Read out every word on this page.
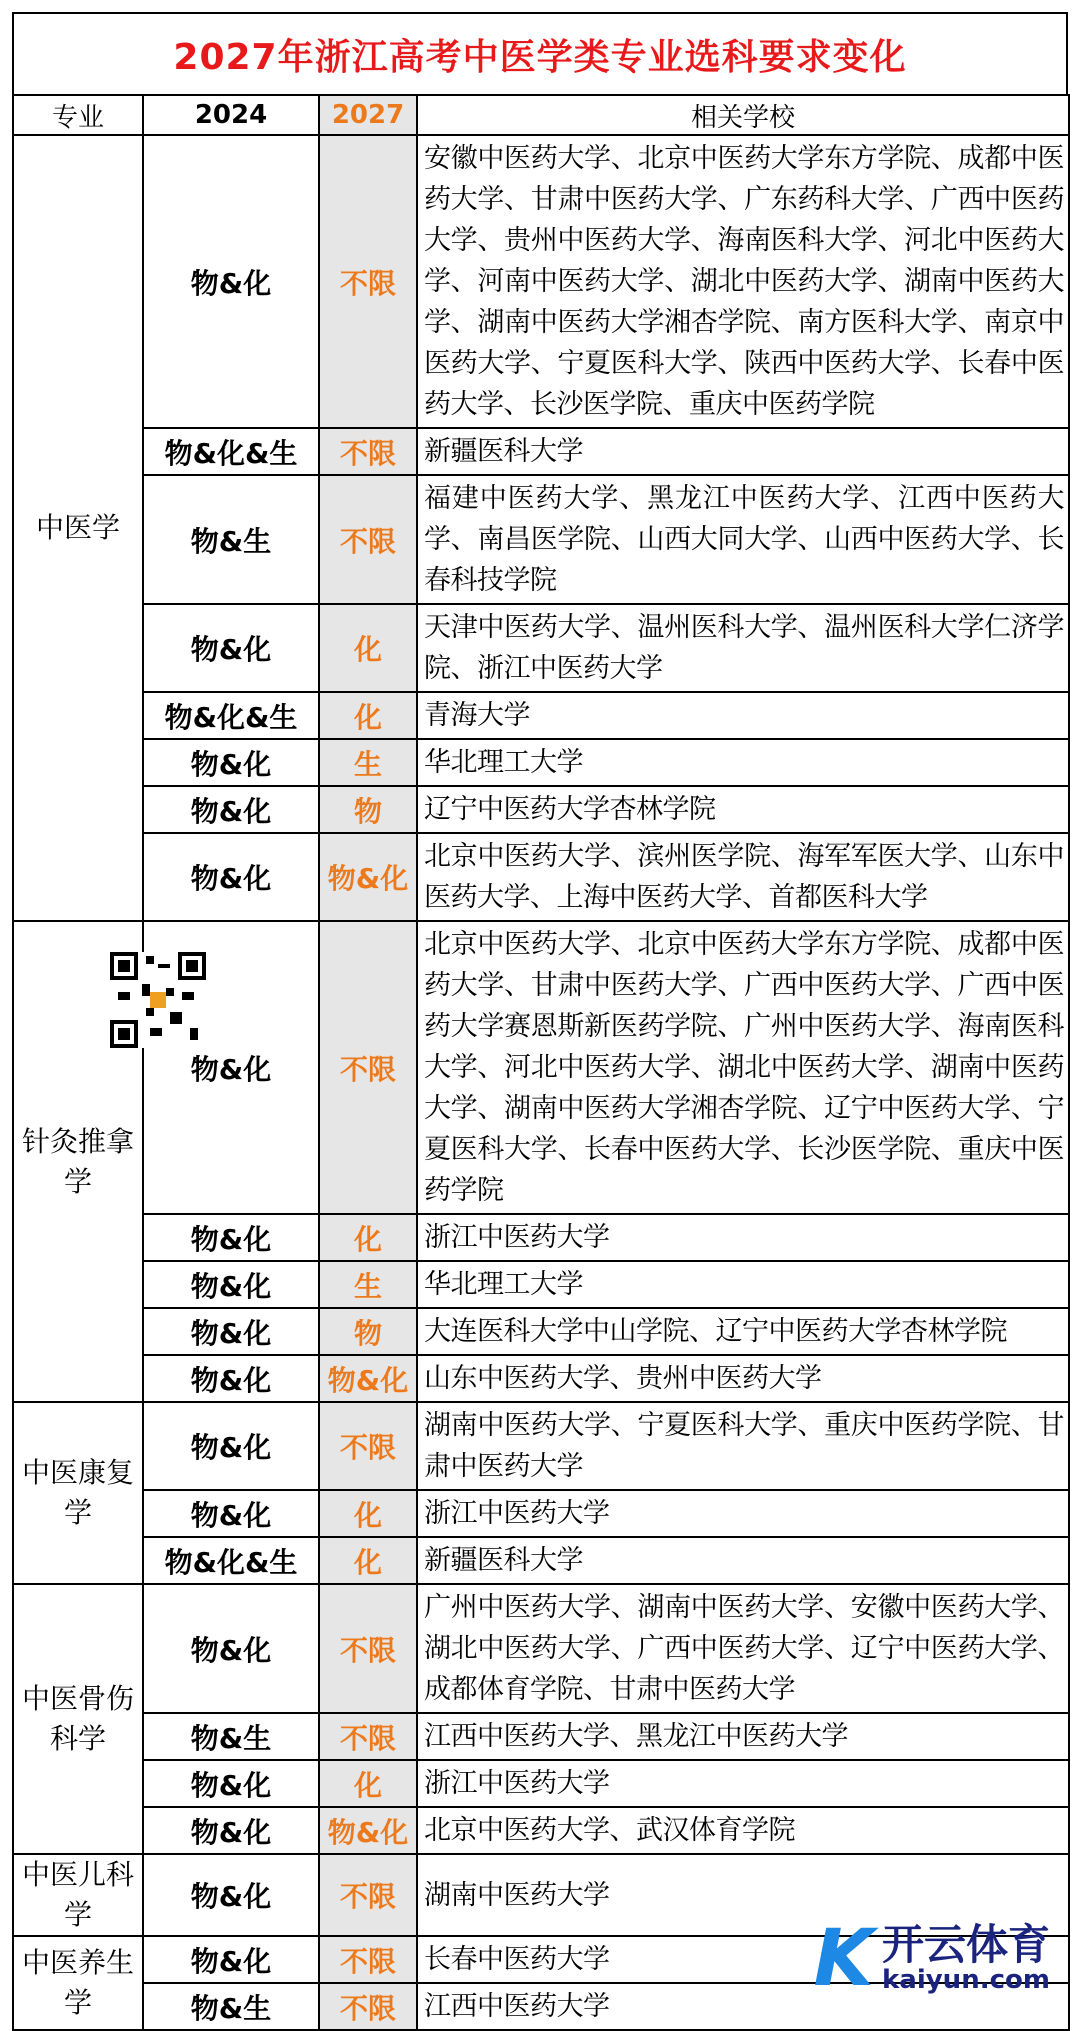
2027年浙江高考中医学类专业选科要求变化
专业	2024	2027	相关学校
中医学	物&化	不限	安徽中医药大学、北京中医药大学东方学院、成都中医药大学、甘肃中医药大学、广东药科大学、广西中医药大学、贵州中医药大学、海南医科大学、河北中医药大学、河南中医药大学、湖北中医药大学、湖南中医药大学、湖南中医药大学湘杏学院、南方医科大学、南京中医药大学、宁夏医科大学、陕西中医药大学、长春中医药大学、长沙医学院、重庆中医药学院
	物&化&生	不限	新疆医科大学
	物&生	不限	福建中医药大学、黑龙江中医药大学、江西中医药大学、南昌医学院、山西大同大学、山西中医药大学、长春科技学院
	物&化	化	天津中医药大学、温州医科大学、温州医科大学仁济学院、浙江中医药大学
	物&化&生	化	青海大学
	物&化	生	华北理工大学
	物&化	物	辽宁中医药大学杏林学院
	物&化	物&化	北京中医药大学、滨州医学院、海军军医大学、山东中医药大学、上海中医药大学、首都医科大学
针灸推拿学	物&化	不限	北京中医药大学、北京中医药大学东方学院、成都中医药大学、甘肃中医药大学、广西中医药大学、广西中医药大学赛恩斯新医药学院、广州中医药大学、海南医科大学、河北中医药大学、湖北中医药大学、湖南中医药大学、湖南中医药大学湘杏学院、辽宁中医药大学、宁夏医科大学、长春中医药大学、长沙医学院、重庆中医药学院
	物&化	化	浙江中医药大学
	物&化	生	华北理工大学
	物&化	物	大连医科大学中山学院、辽宁中医药大学杏林学院
	物&化	物&化	山东中医药大学、贵州中医药大学
中医康复学	物&化	不限	湖南中医药大学、宁夏医科大学、重庆中医药学院、甘肃中医药大学
	物&化	化	浙江中医药大学
	物&化&生	化	新疆医科大学
中医骨伤科学	物&化	不限	广州中医药大学、湖南中医药大学、安徽中医药大学、湖北中医药大学、广西中医药大学、辽宁中医药大学、成都体育学院、甘肃中医药大学
	物&生	不限	江西中医药大学、黑龙江中医药大学
	物&化	化	浙江中医药大学
	物&化	物&化	北京中医药大学、武汉体育学院
中医儿科学	物&化	不限	湖南中医药大学
中医养生学	物&化	不限	长春中医药大学
	物&生	不限	江西中医药大学
K 开云体育
kaiyun.com
